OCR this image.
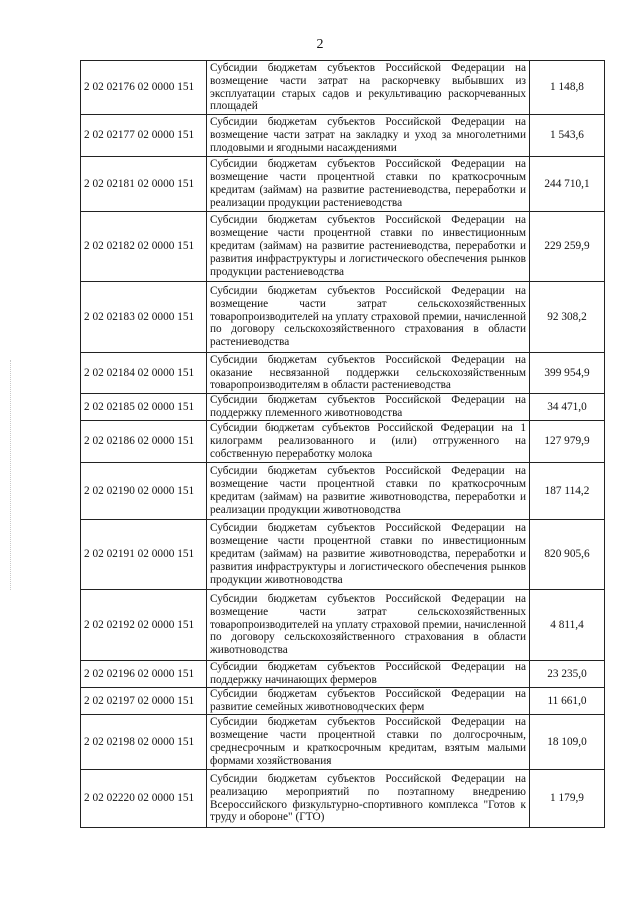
2
2 02 02176 02 0000 151	Субсидии бюджетам субъектов Российской Федерации на возмещение части затрат на раскорчевку выбывших из эксплуатации старых садов и рекультивацию раскорчеванных площадей	1 148,8
2 02 02177 02 0000 151	Субсидии бюджетам субъектов Российской Федерации на возмещение части затрат на закладку и уход за многолетними плодовыми и ягодными насаждениями	1 543,6
2 02 02181 02 0000 151	Субсидии бюджетам субъектов Российской Федерации на возмещение части процентной ставки по краткосрочным кредитам (займам) на развитие растениеводства, переработки и реализации продукции растениеводства	244 710,1
2 02 02182 02 0000 151	Субсидии бюджетам субъектов Российской Федерации на возмещение части процентной ставки по инвестиционным кредитам (займам) на развитие растениеводства, переработки и развития инфраструктуры и логистического обеспечения рынков продукции растениеводства	229 259,9
2 02 02183 02 0000 151	Субсидии бюджетам субъектов Российской Федерации на возмещение части затрат сельскохозяйственных товаропроизводителей на уплату страховой премии, начисленной по договору сельскохозяйственного страхования в области растениеводства	92 308,2
2 02 02184 02 0000 151	Субсидии бюджетам субъектов Российской Федерации на оказание несвязанной поддержки сельскохозяйственным товаропроизводителям в области растениеводства	399 954,9
2 02 02185 02 0000 151	Субсидии бюджетам субъектов Российской Федерации на поддержку племенного животноводства	34 471,0
2 02 02186 02 0000 151	Субсидии бюджетам субъектов Российской Федерации на 1 килограмм реализованного и (или) отгруженного на собственную переработку молока	127 979,9
2 02 02190 02 0000 151	Субсидии бюджетам субъектов Российской Федерации на возмещение части процентной ставки по краткосрочным кредитам (займам) на развитие животноводства, переработки и реализации продукции животноводства	187 114,2
2 02 02191 02 0000 151	Субсидии бюджетам субъектов Российской Федерации на возмещение части процентной ставки по инвестиционным кредитам (займам) на развитие животноводства, переработки и развития инфраструктуры и логистического обеспечения рынков продукции животноводства	820 905,6
2 02 02192 02 0000 151	Субсидии бюджетам субъектов Российской Федерации на возмещение части затрат сельскохозяйственных товаропроизводителей на уплату страховой премии, начисленной по договору сельскохозяйственного страхования в области животноводства	4 811,4
2 02 02196 02 0000 151	Субсидии бюджетам субъектов Российской Федерации на поддержку начинающих фермеров	23 235,0
2 02 02197 02 0000 151	Субсидии бюджетам субъектов Российской Федерации на развитие семейных животноводческих ферм	11 661,0
2 02 02198 02 0000 151	Субсидии бюджетам субъектов Российской Федерации на возмещение части процентной ставки по долгосрочным, среднесрочным и краткосрочным кредитам, взятым малыми формами хозяйствования	18 109,0
2 02 02220 02 0000 151	Субсидии бюджетам субъектов Российской Федерации на реализацию мероприятий по поэтапному внедрению Всероссийского физкультурно-спортивного комплекса "Готов к труду и обороне" (ГТО)	1 179,9
